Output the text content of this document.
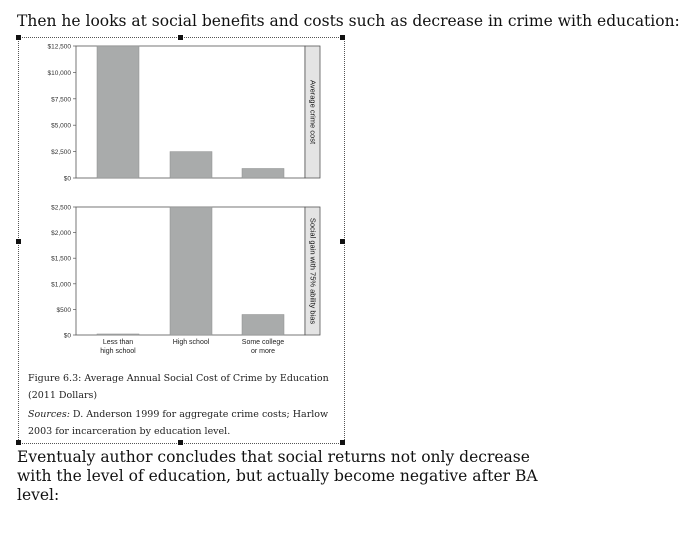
Then he looks at social benefits and costs such as decrease in crime with education:

Average crime cost
$0
$2,500
$5,000
$7,500
$10,000
$12,500
Social gain with 75% ability bias
$0
$500
$1,000
$1,500
$2,000
$2,500
Less than
high school
High school	Some college
or more

Figure 6.3: Average Annual Social Cost of Crime by Education (2011 Dollars)

Sources: D. Anderson 1999 for aggregate crime costs; Harlow 2003 for incarceration by education level.

Eventualy author concludes that social returns not only decrease with the level of education, but actually become negative after BA level:
